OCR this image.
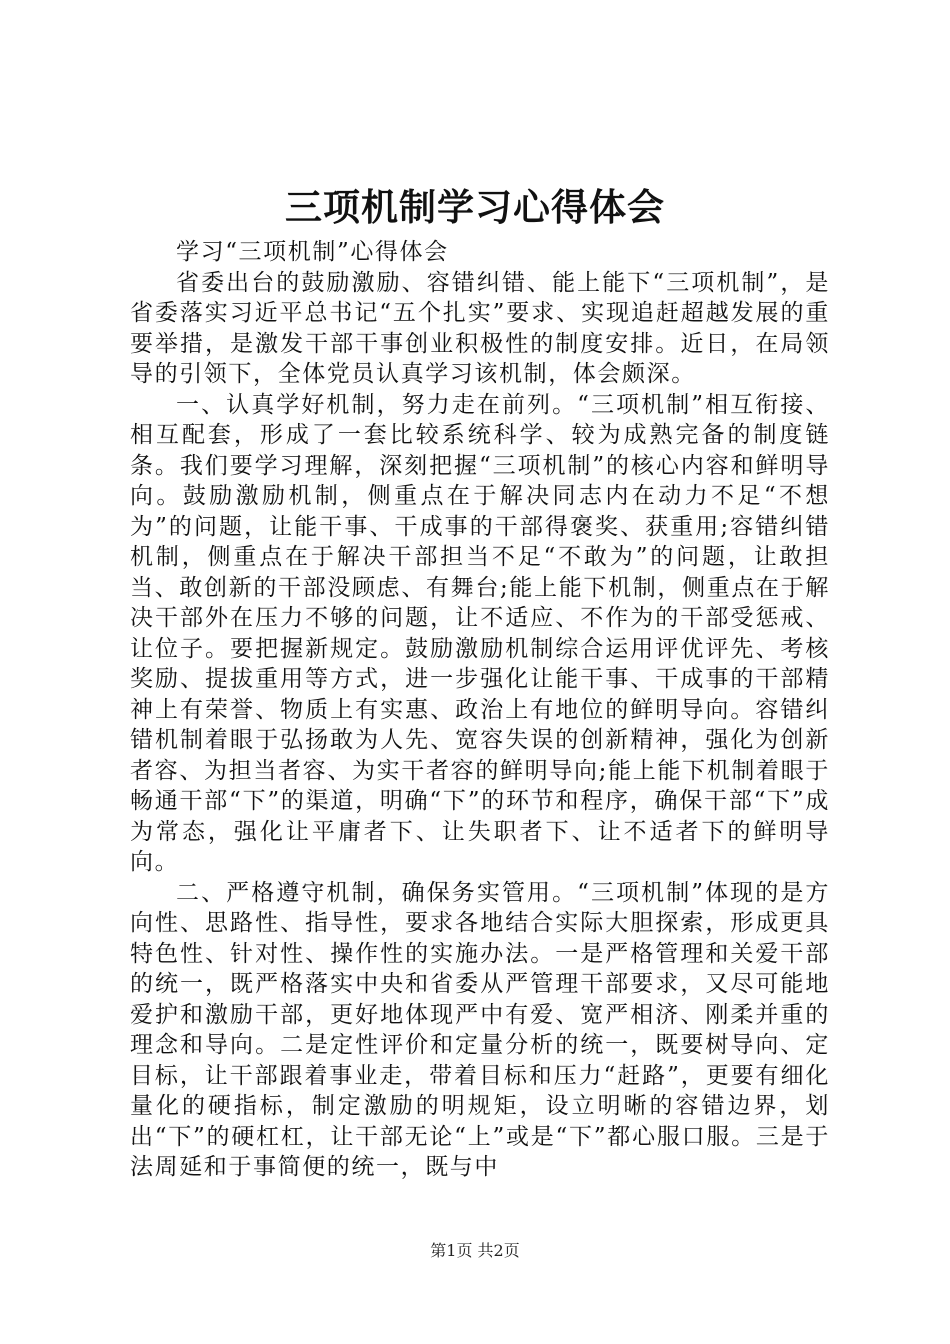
三项机制学习心得体会

学习“三项机制”心得体会

省委出台的鼓励激励、容错纠错、能上能下“三项机制”，是省委落实习近平总书记“五个扎实”要求、实现追赶超越发展的重要举措，是激发干部干事创业积极性的制度安排。近日，在局领导的引领下，全体党员认真学习该机制，体会颇深。

一、认真学好机制，努力走在前列。“三项机制”相互衔接、相互配套，形成了一套比较系统科学、较为成熟完备的制度链条。我们要学习理解，深刻把握“三项机制”的核心内容和鲜明导向。鼓励激励机制，侧重点在于解决同志内在动力不足“不想为”的问题，让能干事、干成事的干部得褒奖、获重用;容错纠错机制，侧重点在于解决干部担当不足“不敢为”的问题，让敢担当、敢创新的干部没顾虑、有舞台;能上能下机制，侧重点在于解决干部外在压力不够的问题，让不适应、不作为的干部受惩戒、让位子。要把握新规定。鼓励激励机制综合运用评优评先、考核奖励、提拔重用等方式，进一步强化让能干事、干成事的干部精神上有荣誉、物质上有实惠、政治上有地位的鲜明导向。容错纠错机制着眼于弘扬敢为人先、宽容失误的创新精神，强化为创新者容、为担当者容、为实干者容的鲜明导向;能上能下机制着眼于畅通干部“下”的渠道，明确“下”的环节和程序，确保干部“下”成为常态，强化让平庸者下、让失职者下、让不适者下的鲜明导向。

二、严格遵守机制，确保务实管用。“三项机制”体现的是方向性、思路性、指导性，要求各地结合实际大胆探索，形成更具特色性、针对性、操作性的实施办法。一是严格管理和关爱干部的统一，既严格落实中央和省委从严管理干部要求，又尽可能地爱护和激励干部，更好地体现严中有爱、宽严相济、刚柔并重的理念和导向。二是定性评价和定量分析的统一，既要树导向、定目标，让干部跟着事业走，带着目标和压力“赶路”，更要有细化量化的硬指标，制定激励的明规矩，设立明晰的容错边界，划出“下”的硬杠杠，让干部无论“上”或是“下”都心服口服。三是于法周延和于事简便的统一，既与中

第1页 共2页
